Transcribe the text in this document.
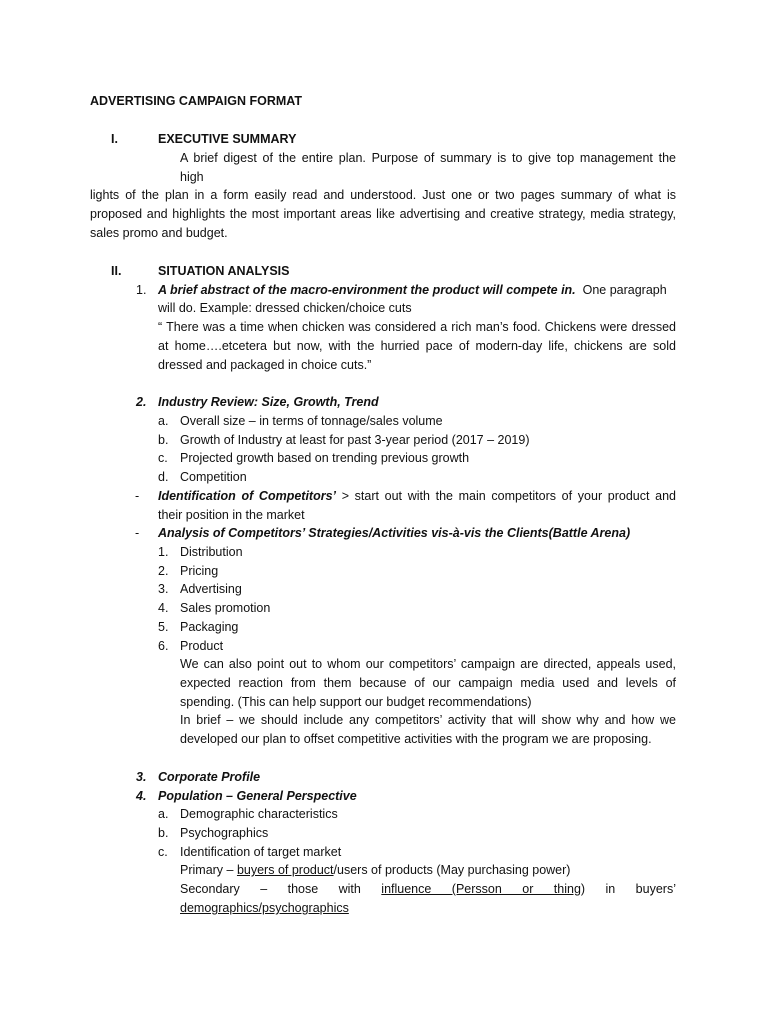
ADVERTISING CAMPAIGN FORMAT
I.	EXECUTIVE SUMMARY
A brief digest of the entire plan. Purpose of summary is to give top management the
high
lights of the plan in a form easily read and understood. Just one or two pages summary of what is
proposed and highlights the most important areas like advertising and creative strategy, media strategy,
sales promo and budget.
II.	SITUATION ANALYSIS
1. A brief abstract of the macro-environment the product will compete in. One paragraph
will do. Example: dressed chicken/choice cuts
“ There was a time when chicken was considered a rich man’s food. Chickens were dressed
at home….etcetera but now, with the hurried pace of modern-day life, chickens are sold
dressed and packaged in choice cuts.”
2. Industry Review: Size, Growth, Trend
a. Overall size – in terms of tonnage/sales volume
b. Growth of Industry at least for past 3-year period (2017 – 2019)
c. Projected growth based on trending previous growth
d. Competition
- Identification of Competitors’ > start out with the main competitors of your product and
their position in the market
- Analysis of Competitors’ Strategies/Activities vis-à-vis the Clients(Battle Arena)
1. Distribution
2. Pricing
3. Advertising
4. Sales promotion
5. Packaging
6. Product
We can also point out to whom our competitors’ campaign are directed, appeals used,
expected reaction from them because of our campaign media used and levels of
spending. (This can help support our budget recommendations)
In brief – we should include any competitors’ activity that will show why and how we
developed our plan to offset competitive activities with the program we are proposing.
3. Corporate Profile
4. Population – General Perspective
a. Demographic characteristics
b. Psychographics
c. Identification of target market
Primary – buyers of product/users of products (May purchasing power)
Secondary – those with influence (Persson or thing) in buyers’
demographics/psychographics
